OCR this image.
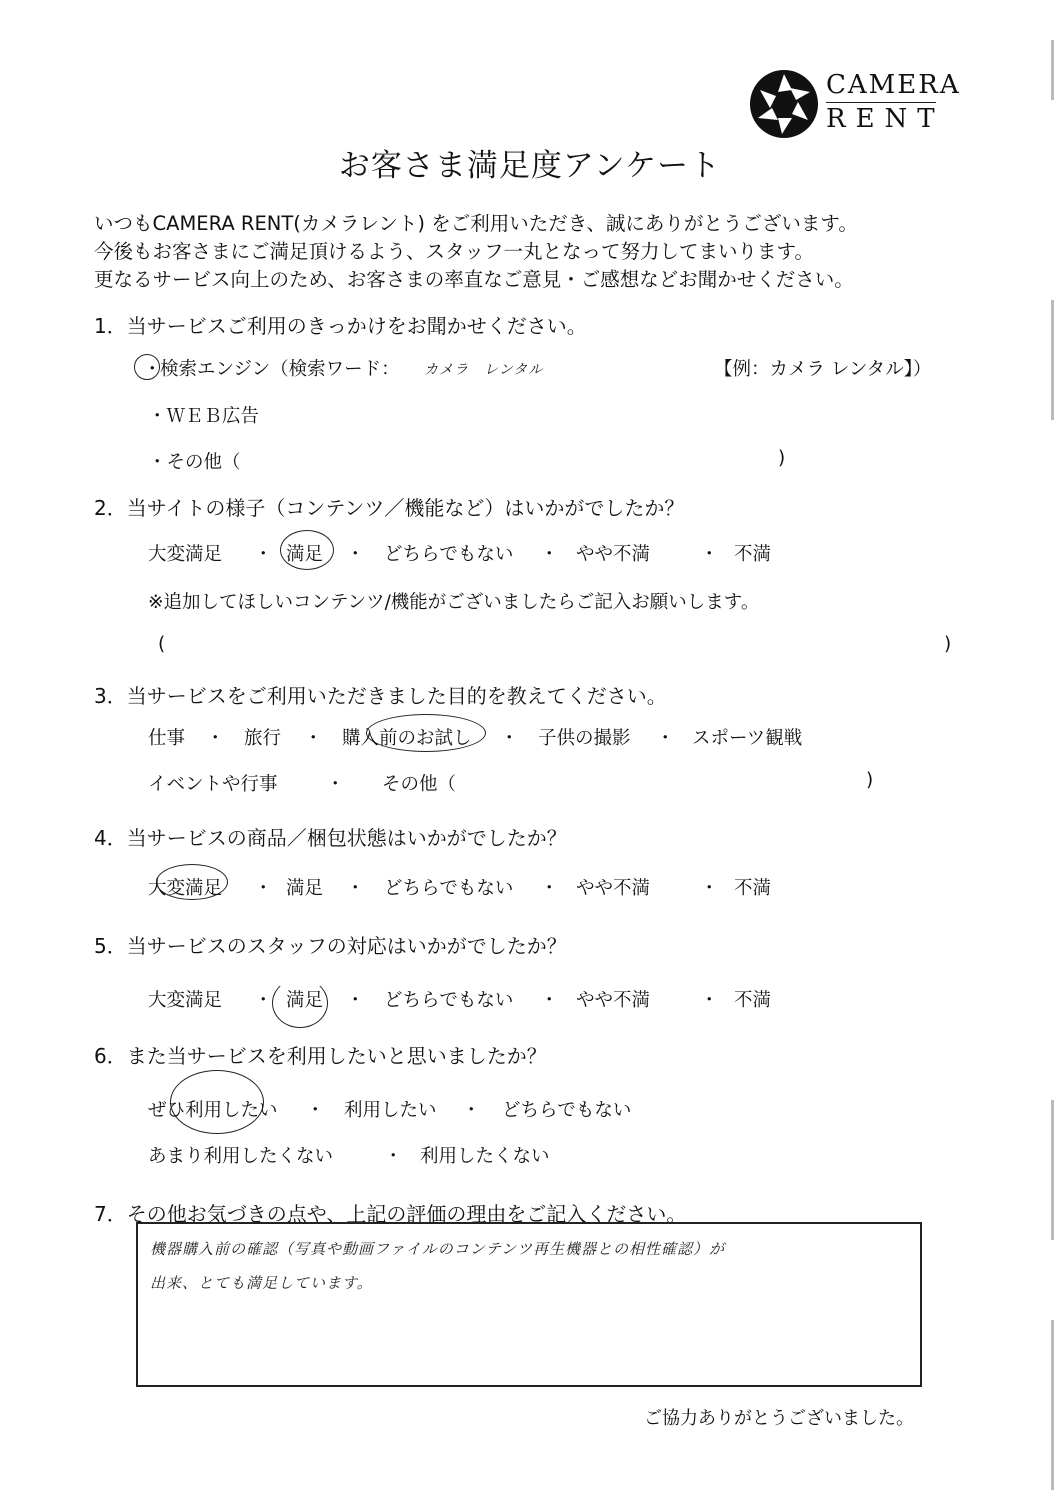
CAMERA
RENT
お客さま満足度アンケート
いつもCAMERA RENT(カメラレント) をご利用いただき、誠にありがとうございます。
今後もお客さまにご満足頂けるよう、スタッフ一丸となって努力してまいります。
更なるサービス向上のため、お客さまの率直なご意見・ご感想などお聞かせください。
1．当サービスご利用のきっかけをお聞かせください。
・
検索エンジン（検索ワード： カメラ　レンタル	【例：カメラ レンタル】）
・ＷＥＢ広告
・その他（	)
2．当サイトの様子（コンテンツ／機能など）はいかがでしたか？
大変満足 ・ 満足 ・ どちらでもない ・ やや不満	・ 不満
※追加してほしいコンテンツ/機能がございましたらご記入お願いします。
(	)
3．当サービスをご利用いただきました目的を教えてください。
仕事 ・ 旅行 ・ 購入前のお試し ・ 子供の撮影 ・ スポーツ観戦
イベントや行事	・ その他（	)
4．当サービスの商品／梱包状態はいかがでしたか？
大変満足 ・ 満足 ・ どちらでもない ・ やや不満	・ 不満
5．当サービスのスタッフの対応はいかがでしたか？
大変満足 ・ 満足 ・ どちらでもない ・ やや不満	・ 不満
6．また当サービスを利用したいと思いましたか？
ぜひ利用したい ・ 利用したい ・ どちらでもない
あまり利用したくない	・ 利用したくない
7．その他お気づきの点や、上記の評価の理由をご記入ください。
機器購入前の確認（写真や動画ファイルのコンテンツ再生機器との相性確認）が
出来、とても満足しています。
ご協力ありがとうございました。
